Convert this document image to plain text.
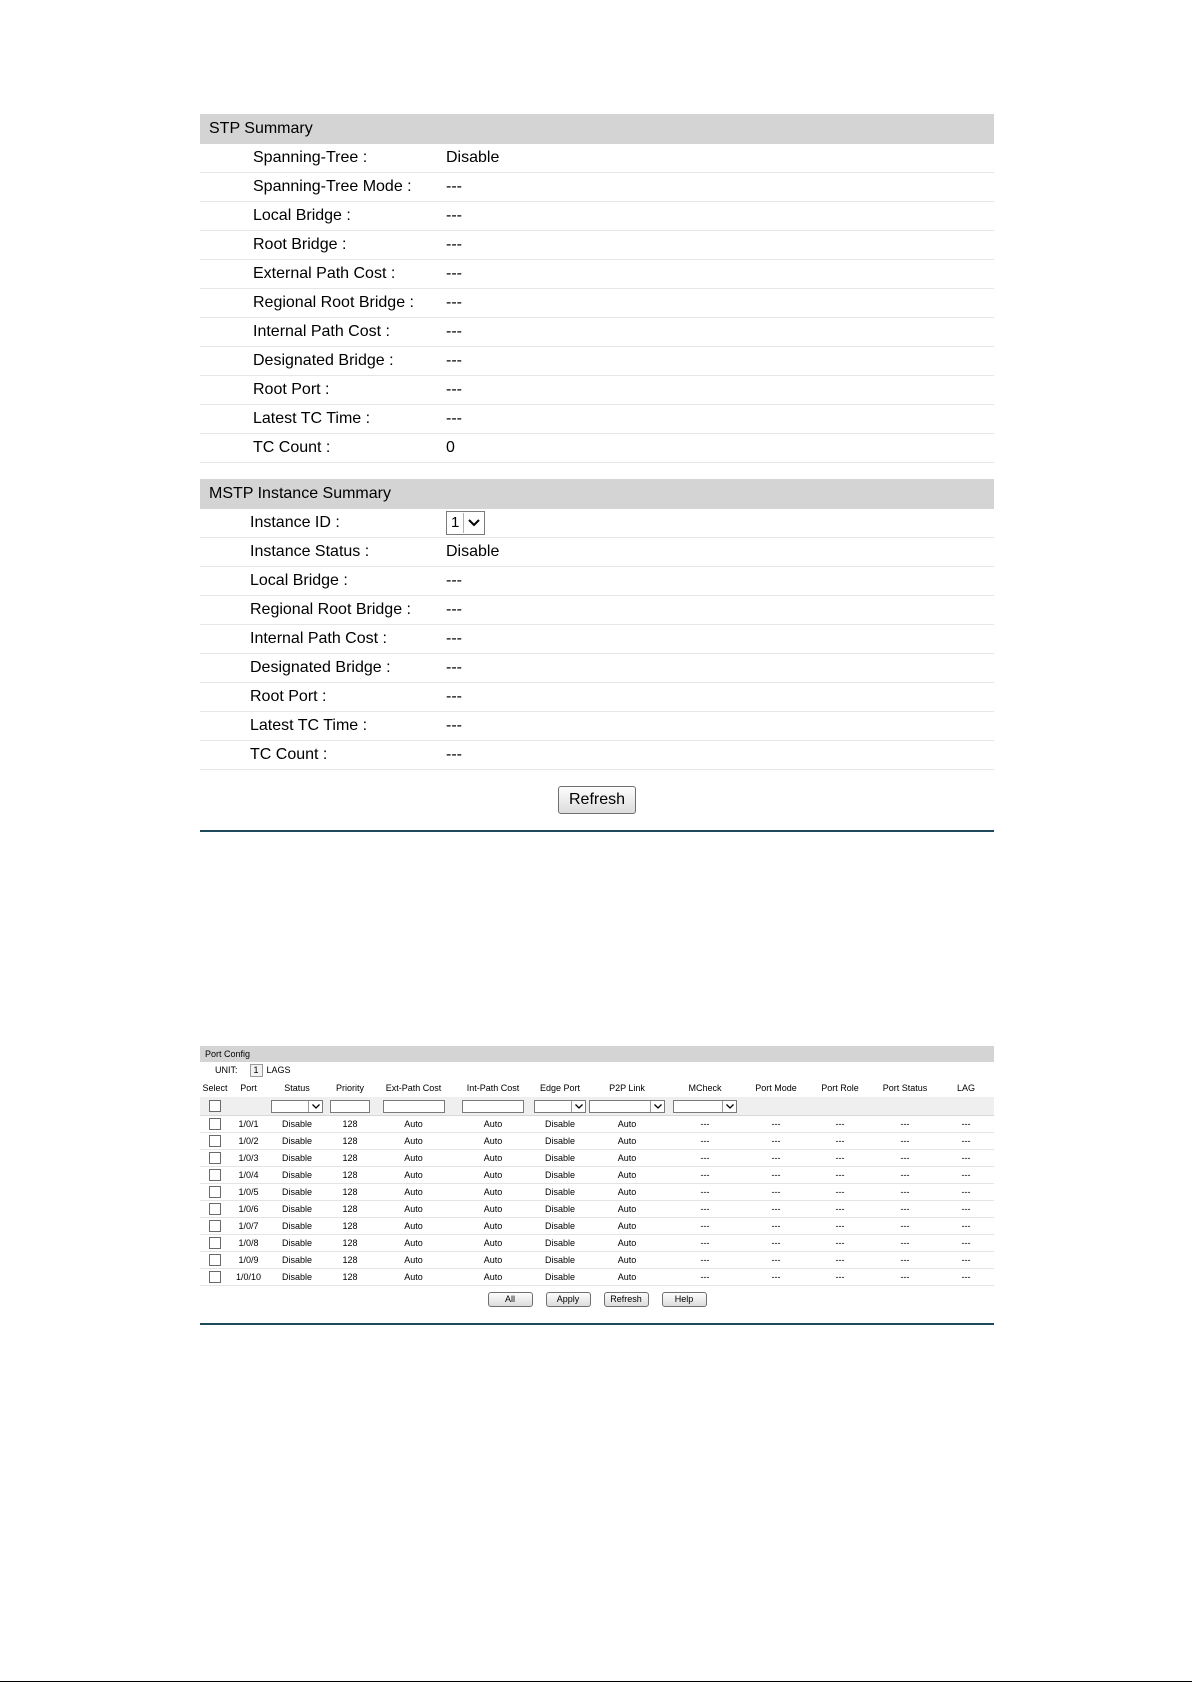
STP Summary
Spanning-Tree :	Disable
Spanning-Tree Mode :	---
Local Bridge :	---
Root Bridge :	---
External Path Cost :	---
Regional Root Bridge :	---
Internal Path Cost :	---
Designated Bridge :	---
Root Port :	---
Latest TC Time :	---
TC Count :	0
MSTP Instance Summary
Instance ID :	1
Instance Status :	Disable
Local Bridge :	---
Regional Root Bridge :	---
Internal Path Cost :	---
Designated Bridge :	---
Root Port :	---
Latest TC Time :	---
TC Count :	---
Refresh
Port Config
UNIT:	1 LAGS
Select	Port	Status	Priority	Ext-Path Cost	Int-Path Cost	Edge Port	P2P Link	MCheck	Port Mode	Port Role	Port Status	LAG

	1/0/1	Disable	128	Auto	Auto	Disable	Auto	---	---	---	---	---
	1/0/2	Disable	128	Auto	Auto	Disable	Auto	---	---	---	---	---
	1/0/3	Disable	128	Auto	Auto	Disable	Auto	---	---	---	---	---
	1/0/4	Disable	128	Auto	Auto	Disable	Auto	---	---	---	---	---
	1/0/5	Disable	128	Auto	Auto	Disable	Auto	---	---	---	---	---
	1/0/6	Disable	128	Auto	Auto	Disable	Auto	---	---	---	---	---
	1/0/7	Disable	128	Auto	Auto	Disable	Auto	---	---	---	---	---
	1/0/8	Disable	128	Auto	Auto	Disable	Auto	---	---	---	---	---
	1/0/9	Disable	128	Auto	Auto	Disable	Auto	---	---	---	---	---
	1/0/10	Disable	128	Auto	Auto	Disable	Auto	---	---	---	---	---
All	Apply	Refresh	Help
